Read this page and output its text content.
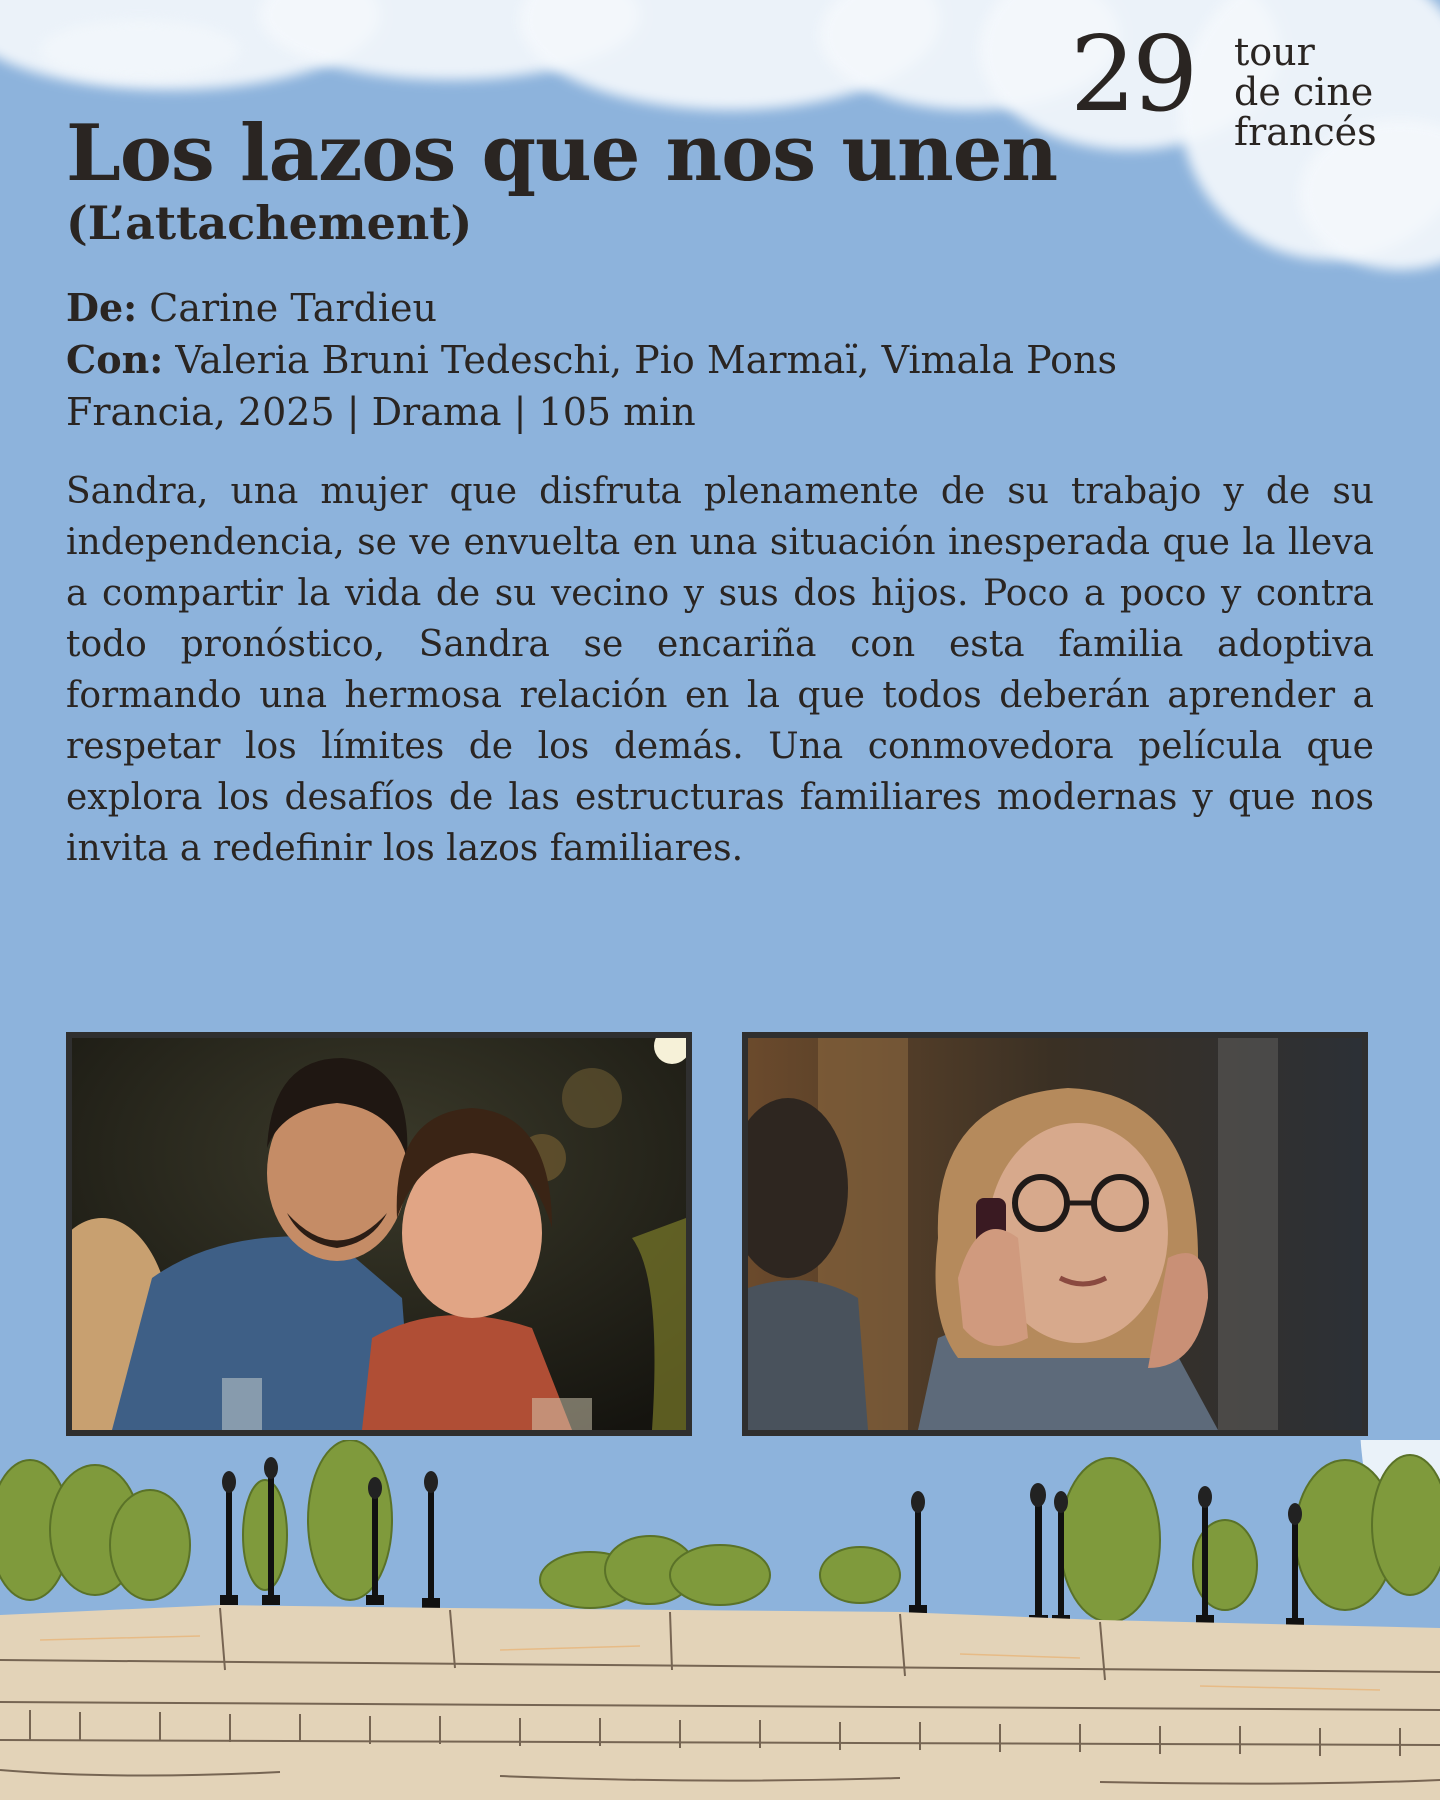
29 tour
de cine
francés
Los lazos que nos unen
(L’attachement)
De: Carine Tardieu
Con: Valeria Bruni Tedeschi, Pio Marmaï, Vimala Pons
Francia, 2025 | Drama | 105 min

Sandra, una mujer que disfruta plenamente de su trabajo y de su independencia, se ve envuelta en una situación inesperada que la lleva a compartir la vida de su vecino y sus dos hijos. Poco a poco y contra todo pronóstico, Sandra se encariña con esta familia adoptiva formando una hermosa relación en la que todos deberán aprender a respetar los límites de los demás. Una conmovedora película que explora los desafíos de las estructuras familiares modernas y que nos invita a redefinir los lazos familiares.
